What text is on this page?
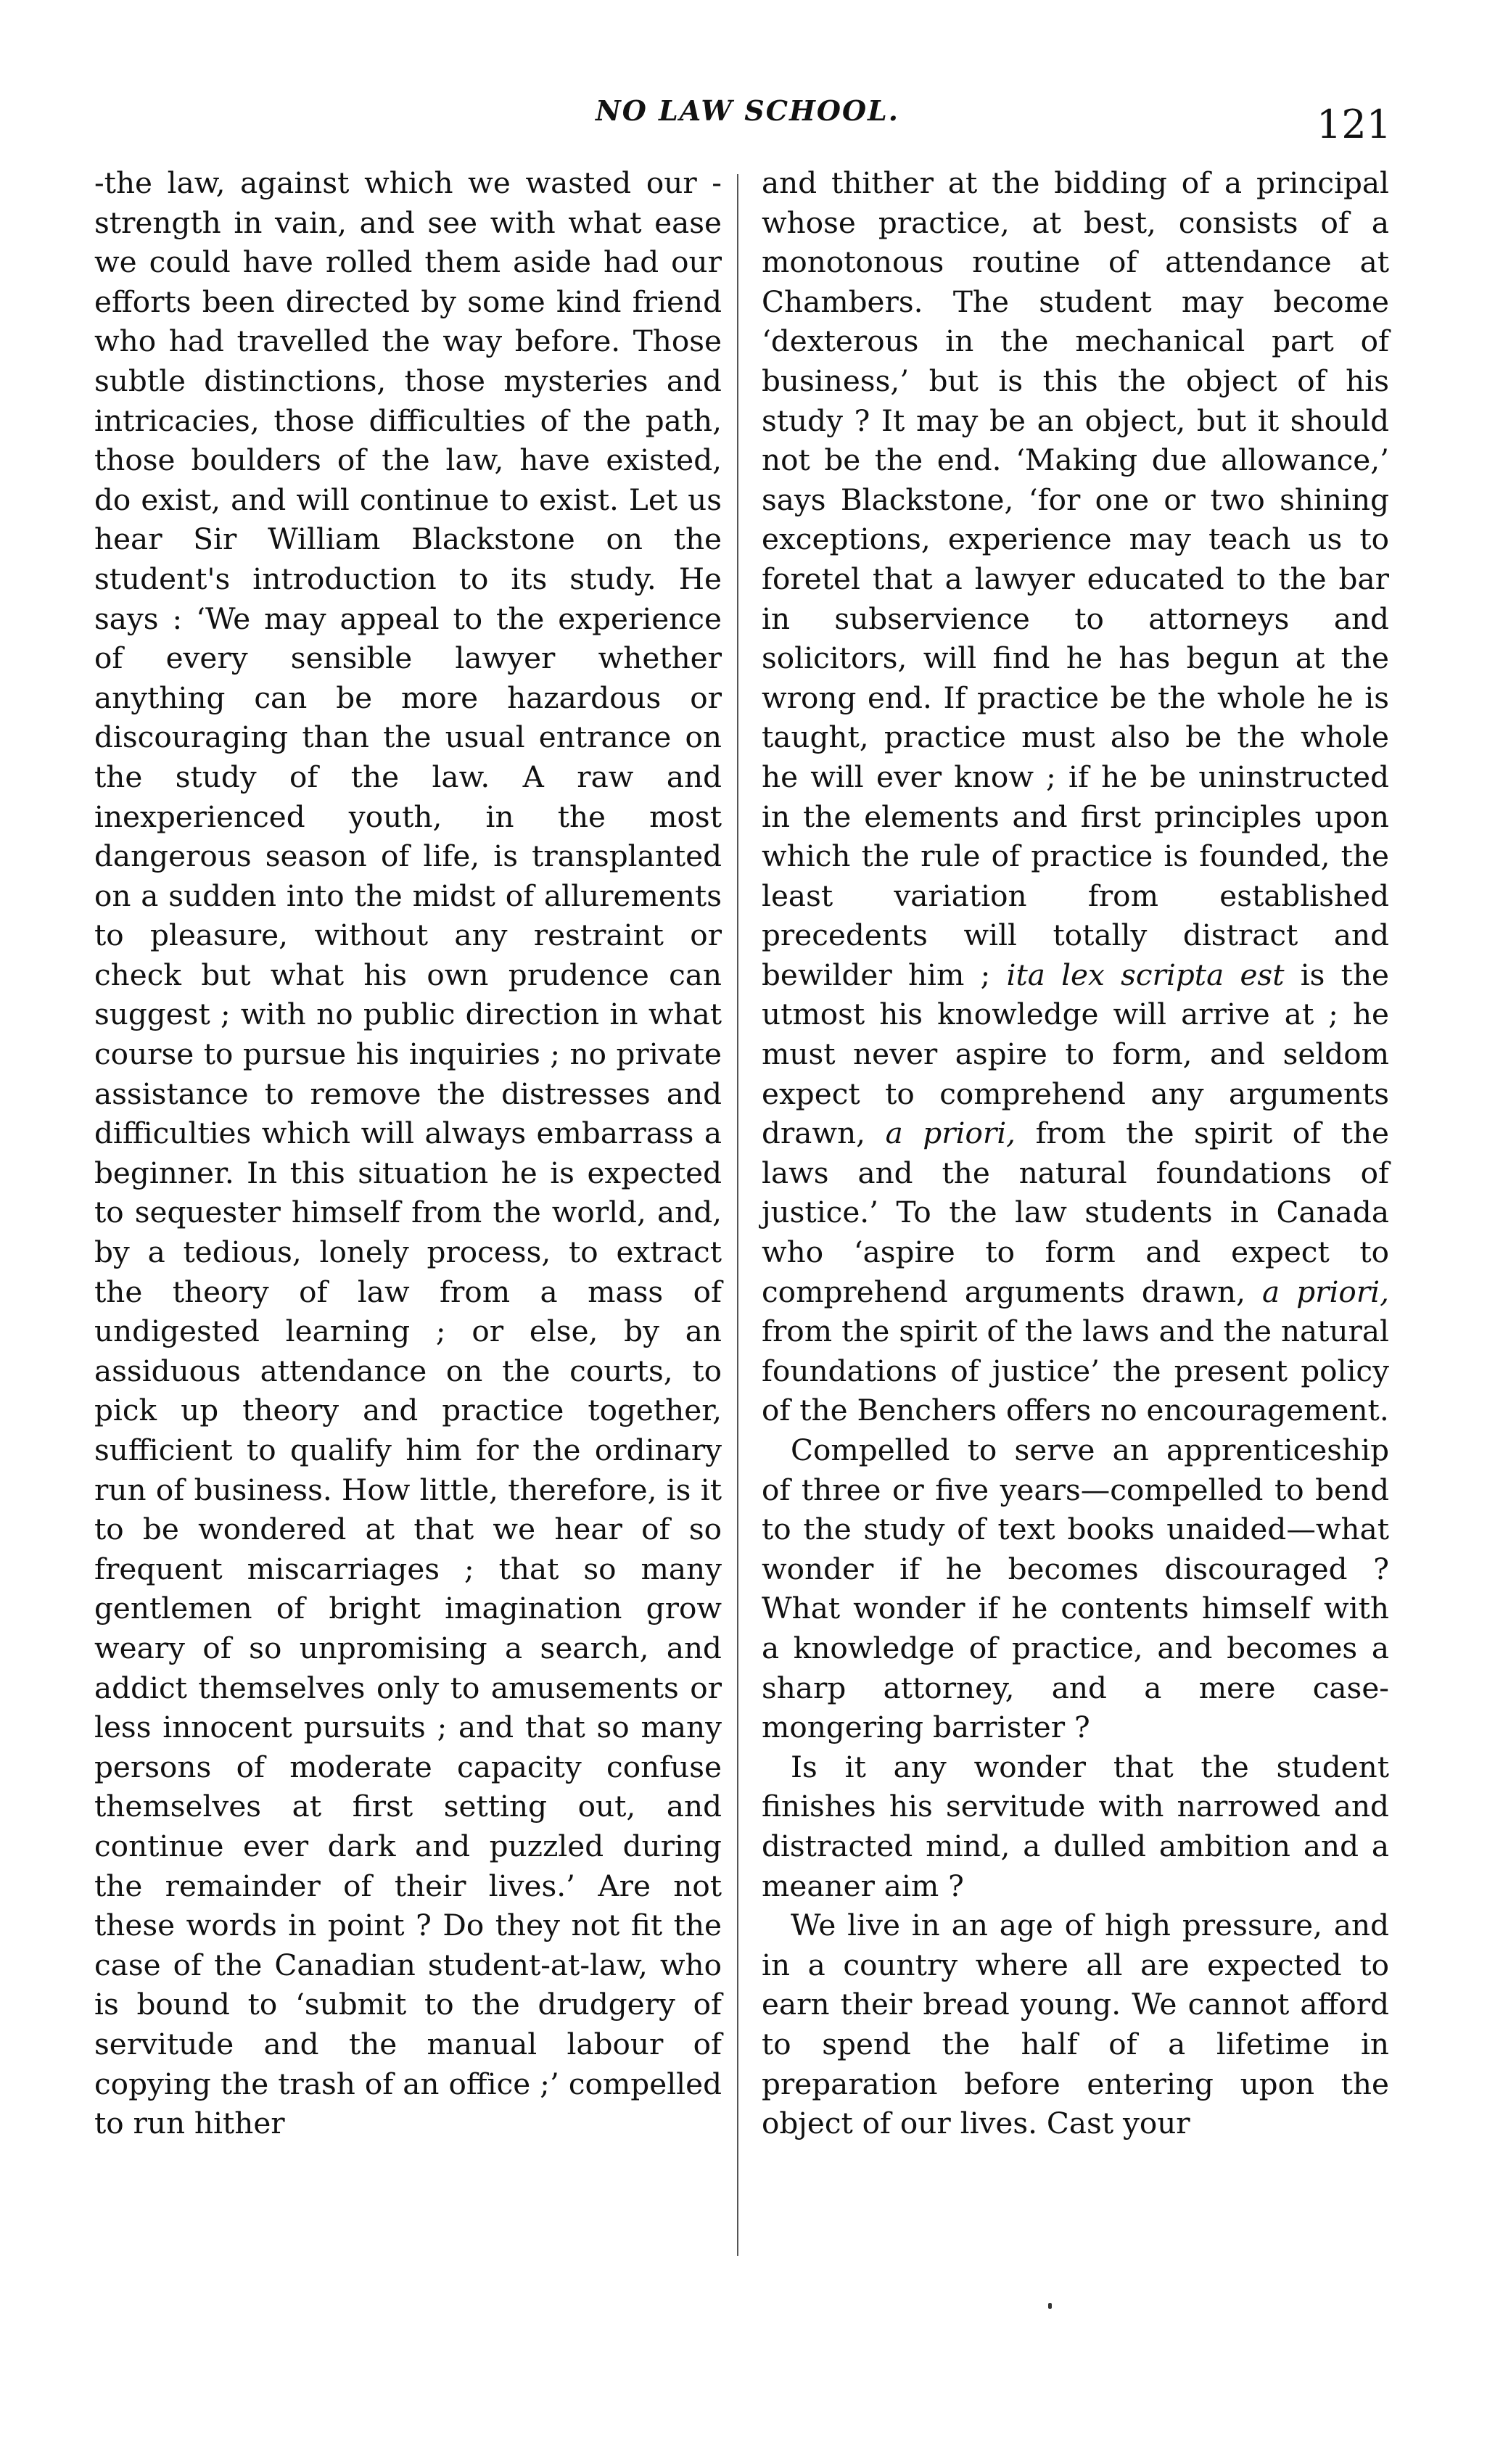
NO LAW SCHOOL.	121

-the law, against which we wasted our -strength in vain, and see with what ease we could have rolled them aside had our efforts been directed by some kind friend who had travelled the way before. Those subtle distinctions, those mysteries and intricacies, those difficulties of the path, those boulders of the law, have existed, do exist, and will continue to exist. Let us hear Sir William Blackstone on the student's introduction to its study. He says : ‘We may appeal to the experience of every sensible lawyer whether anything can be more hazardous or discouraging than the usual entrance on the study of the law. A raw and inexperienced youth, in the most dangerous season of life, is transplanted on a sudden into the midst of allurements to pleasure, without any restraint or check but what his own prudence can suggest ; with no public direction in what course to pursue his inquiries ; no private assistance to remove the distresses and difficulties which will always embarrass a beginner. In this situation he is expected to sequester himself from the world, and, by a tedious, lonely process, to extract the theory of law from a mass of undigested learning ; or else, by an assiduous attendance on the courts, to pick up theory and practice together, sufficient to qualify him for the ordinary run of business. How little, therefore, is it to be wondered at that we hear of so frequent miscarriages ; that so many gentlemen of bright imagination grow weary of so unpromising a search, and addict themselves only to amusements or less innocent pursuits ; and that so many persons of moderate capacity confuse themselves at first setting out, and continue ever dark and puzzled during the remainder of their lives.’ Are not these words in point ? Do they not fit the case of the Canadian student-at-law, who is bound to ‘submit to the drudgery of servitude and the manual labour of copying the trash of an office ;’ compelled to run hither

and thither at the bidding of a principal whose practice, at best, consists of a monotonous routine of attendance at Chambers. The student may become ‘dexterous in the mechanical part of business,’ but is this the object of his study ? It may be an object, but it should not be the end. ‘Making due allowance,’ says Blackstone, ‘for one or two shining exceptions, experience may teach us to foretel that a lawyer educated to the bar in subservience to attorneys and solicitors, will find he has begun at the wrong end. If practice be the whole he is taught, practice must also be the whole he will ever know ; if he be uninstructed in the elements and first principles upon which the rule of practice is founded, the least variation from established precedents will totally distract and bewilder him ; ita lex scripta est is the utmost his knowledge will arrive at ; he must never aspire to form, and seldom expect to comprehend any arguments drawn, a priori, from the spirit of the laws and the natural foundations of justice.’ To the law students in Canada who ‘aspire to form and expect to comprehend arguments drawn, a priori, from the spirit of the laws and the natural foundations of justice’ the present policy of the Benchers offers no encouragement.

Compelled to serve an apprenticeship of three or five years—compelled to bend to the study of text books unaided—what wonder if he becomes discouraged ? What wonder if he contents himself with a knowledge of practice, and becomes a sharp attorney, and a mere case-mongering barrister ?

Is it any wonder that the student finishes his servitude with narrowed and distracted mind, a dulled ambition and a meaner aim ?

We live in an age of high pressure, and in a country where all are expected to earn their bread young. We cannot afford to spend the half of a lifetime in preparation before entering upon the object of our lives. Cast your
